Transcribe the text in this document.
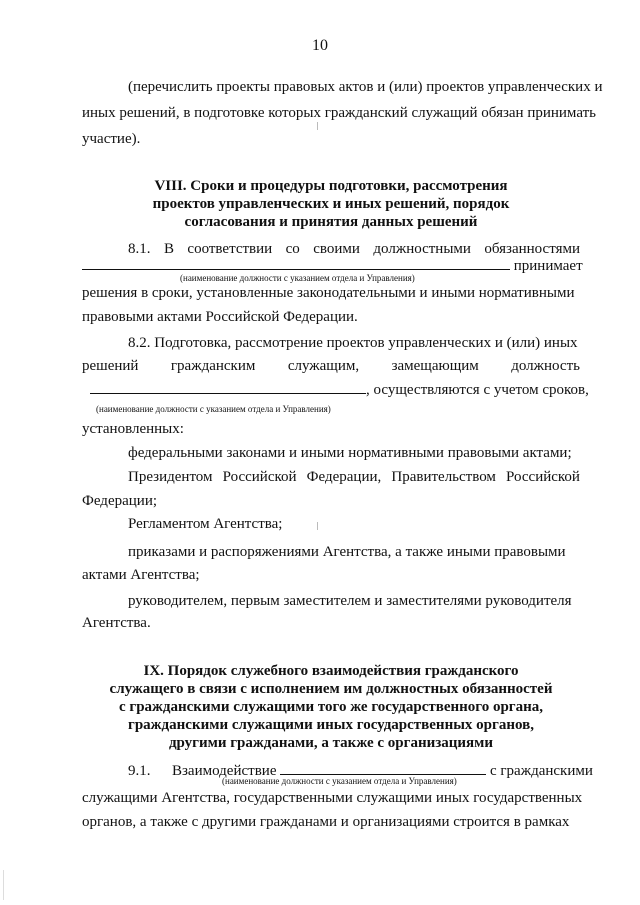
10
(перечислить проекты правовых актов и (или) проектов управленческих и
иных решений, в подготовке которых гражданский служащий обязан принимать
участие).
VIII. Сроки и процедуры подготовки, рассмотрения
проектов управленческих и иных решений, порядок
согласования и принятия данных решений
8.1. В соответствии со своими должностными обязанностями
принимает
(наименование должности с указанием отдела и Управления)
решения в сроки, установленные законодательными и иными нормативными
правовыми актами Российской Федерации.
8.2. Подготовка, рассмотрение проектов управленческих и (или) иных
решений гражданским служащим, замещающим должность
, осуществляются с учетом сроков,
(наименование должности с указанием отдела и Управления)
установленных:
федеральными законами и иными нормативными правовыми актами;
Президентом Российской Федерации, Правительством Российской
Федерации;
Регламентом Агентства;
приказами и распоряжениями Агентства, а также иными правовыми
актами Агентства;
руководителем, первым заместителем и заместителями руководителя
Агентства.
IX. Порядок служебного взаимодействия гражданского
служащего в связи с исполнением им должностных обязанностей
с гражданскими служащими того же государственного органа,
гражданскими служащими иных государственных органов,
другими гражданами, а также с организациями
9.1. Взаимодействие	с гражданскими
(наименование должности с указанием отдела и Управления)
служащими Агентства, государственными служащими иных государственных
органов, а также с другими гражданами и организациями строится в рамках
